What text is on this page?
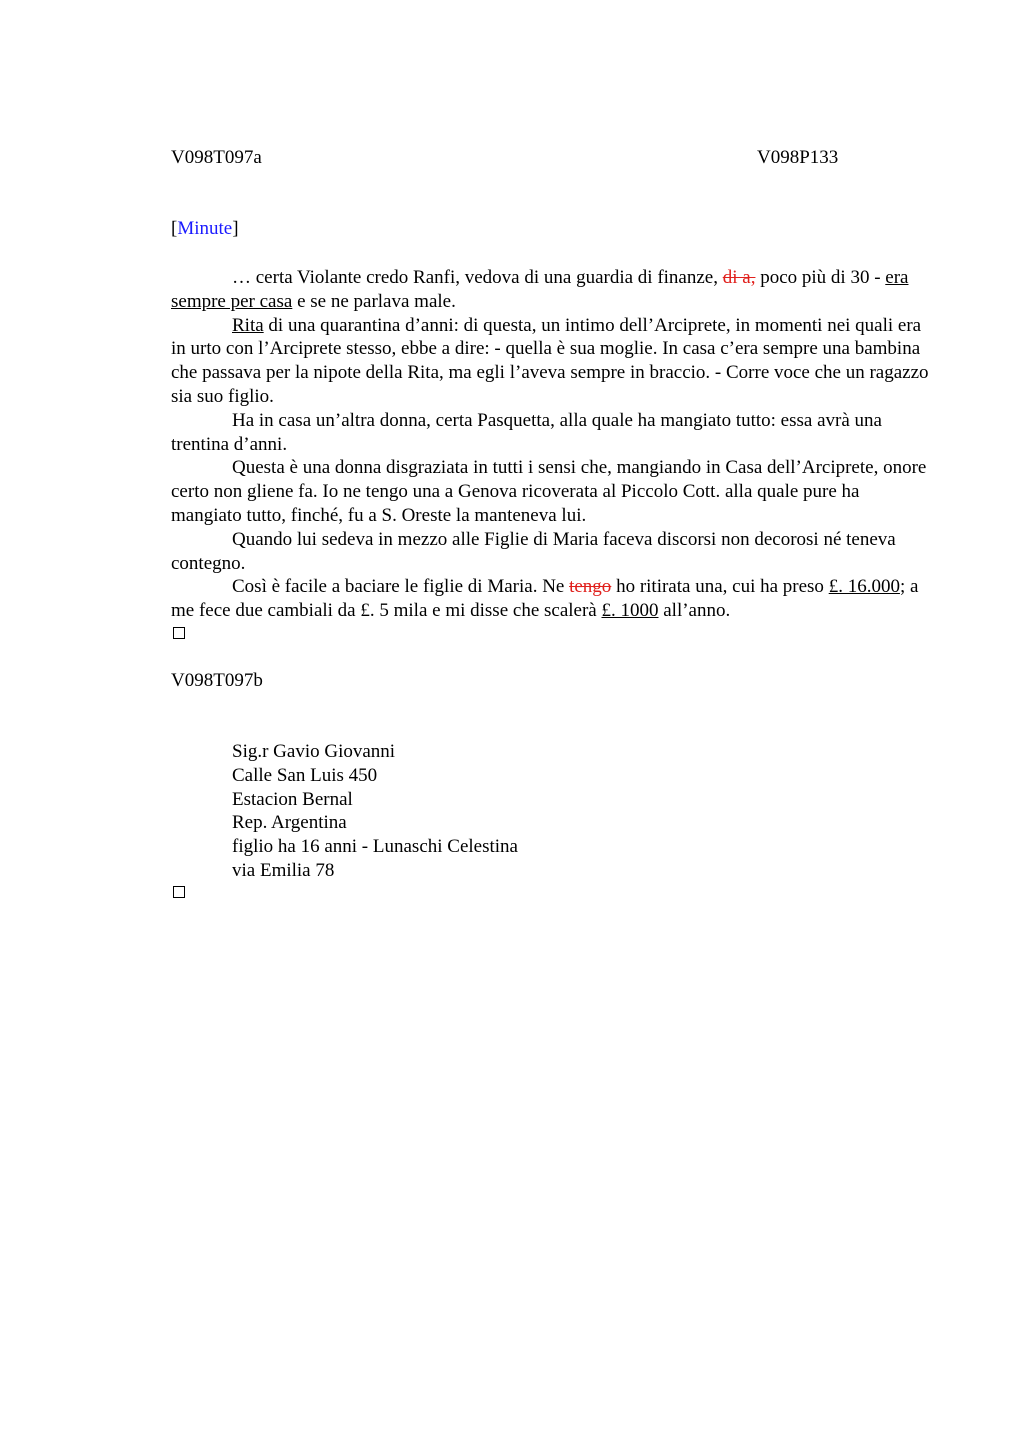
V098T097a	V098P133
[Minute]

… certa Violante credo Ranfi, vedova di una guardia di finanze, di a, poco più di 30 - era sempre per casa e se ne parlava male.

Rita di una quarantina d’anni: di questa, un intimo dell’Arciprete, in momenti nei quali era in urto con l’Arciprete stesso, ebbe a dire: - quella è sua moglie. In casa c’era sempre una bambina che passava per la nipote della Rita, ma egli l’aveva sempre in braccio. - Corre voce che un ragazzo sia suo figlio.

Ha in casa un’altra donna, certa Pasquetta, alla quale ha mangiato tutto: essa avrà una trentina d’anni.

Questa è una donna disgraziata in tutti i sensi che, mangiando in Casa dell’Arciprete, onore certo non gliene fa. Io ne tengo una a Genova ricoverata al Piccolo Cott. alla quale pure ha mangiato tutto, finché, fu a S. Oreste la manteneva lui.

Quando lui sedeva in mezzo alle Figlie di Maria faceva discorsi non decorosi né teneva contegno.

Così è facile a baciare le figlie di Maria. Ne tengo ho ritirata una, cui ha preso £. 16.000; a me fece due cambiali da £. 5 mila e mi disse che scalerà £. 1000 all’anno.

V098T097b
Sig.r Gavio Giovanni
Calle San Luis 450
Estacion Bernal
Rep. Argentina
figlio ha 16 anni - Lunaschi Celestina
via Emilia 78
